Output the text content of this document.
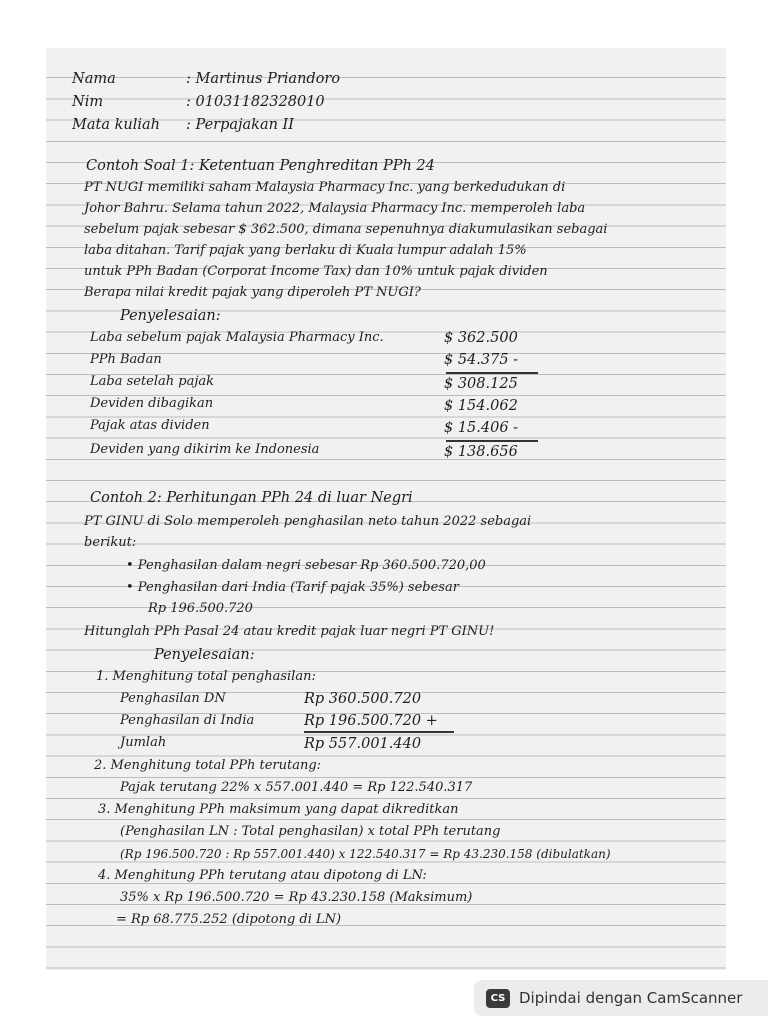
Nama	: Martinus Priandoro
Nim	: 01031182328010
Mata kuliah : Perpajakan II
Contoh Soal 1: Ketentuan Penghreditan PPh 24
PT NUGI memiliki saham Malaysia Pharmacy Inc. yang berkedudukan di
Johor Bahru. Selama tahun 2022, Malaysia Pharmacy Inc. memperoleh laba
sebelum pajak sebesar $ 362.500, dimana sepenuhnya diakumulasikan sebagai
laba ditahan. Tarif pajak yang berlaku di Kuala lumpur adalah 15%
untuk PPh Badan (Corporat Income Tax) dan 10% untuk pajak dividen
Berapa nilai kredit pajak yang diperoleh PT NUGI?
Penyelesaian:
Laba sebelum pajak Malaysia Pharmacy Inc.	$ 362.500
PPh Badan	$ 54.375 -
Laba setelah pajak	$ 308.125
Deviden dibagikan	$ 154.062
Pajak atas dividen	$ 15.406 -
Deviden yang dikirim ke Indonesia	$ 138.656
Contoh 2: Perhitungan PPh 24 di luar Negri
PT GINU di Solo memperoleh penghasilan neto tahun 2022 sebagai
berikut:
• Penghasilan dalam negri sebesar Rp 360.500.720,00
• Penghasilan dari India (Tarif pajak 35%) sebesar
Rp 196.500.720
Hitunglah PPh Pasal 24 atau kredit pajak luar negri PT GINU!
Penyelesaian:
1. Menghitung total penghasilan:
Penghasilan DN	Rp 360.500.720
Penghasilan di India	Rp 196.500.720 +
Jumlah	Rp 557.001.440
2. Menghitung total PPh terutang:
Pajak terutang 22% x 557.001.440 = Rp 122.540.317
3. Menghitung PPh maksimum yang dapat dikreditkan
(Penghasilan LN : Total penghasilan) x total PPh terutang
(Rp 196.500.720 : Rp 557.001.440) x 122.540.317 = Rp 43.230.158 (dibulatkan)
4. Menghitung PPh terutang atau dipotong di LN:
35% x Rp 196.500.720 = Rp 43.230.158 (Maksimum)
= Rp 68.775.252 (dipotong di LN)
CS Dipindai dengan CamScanner
